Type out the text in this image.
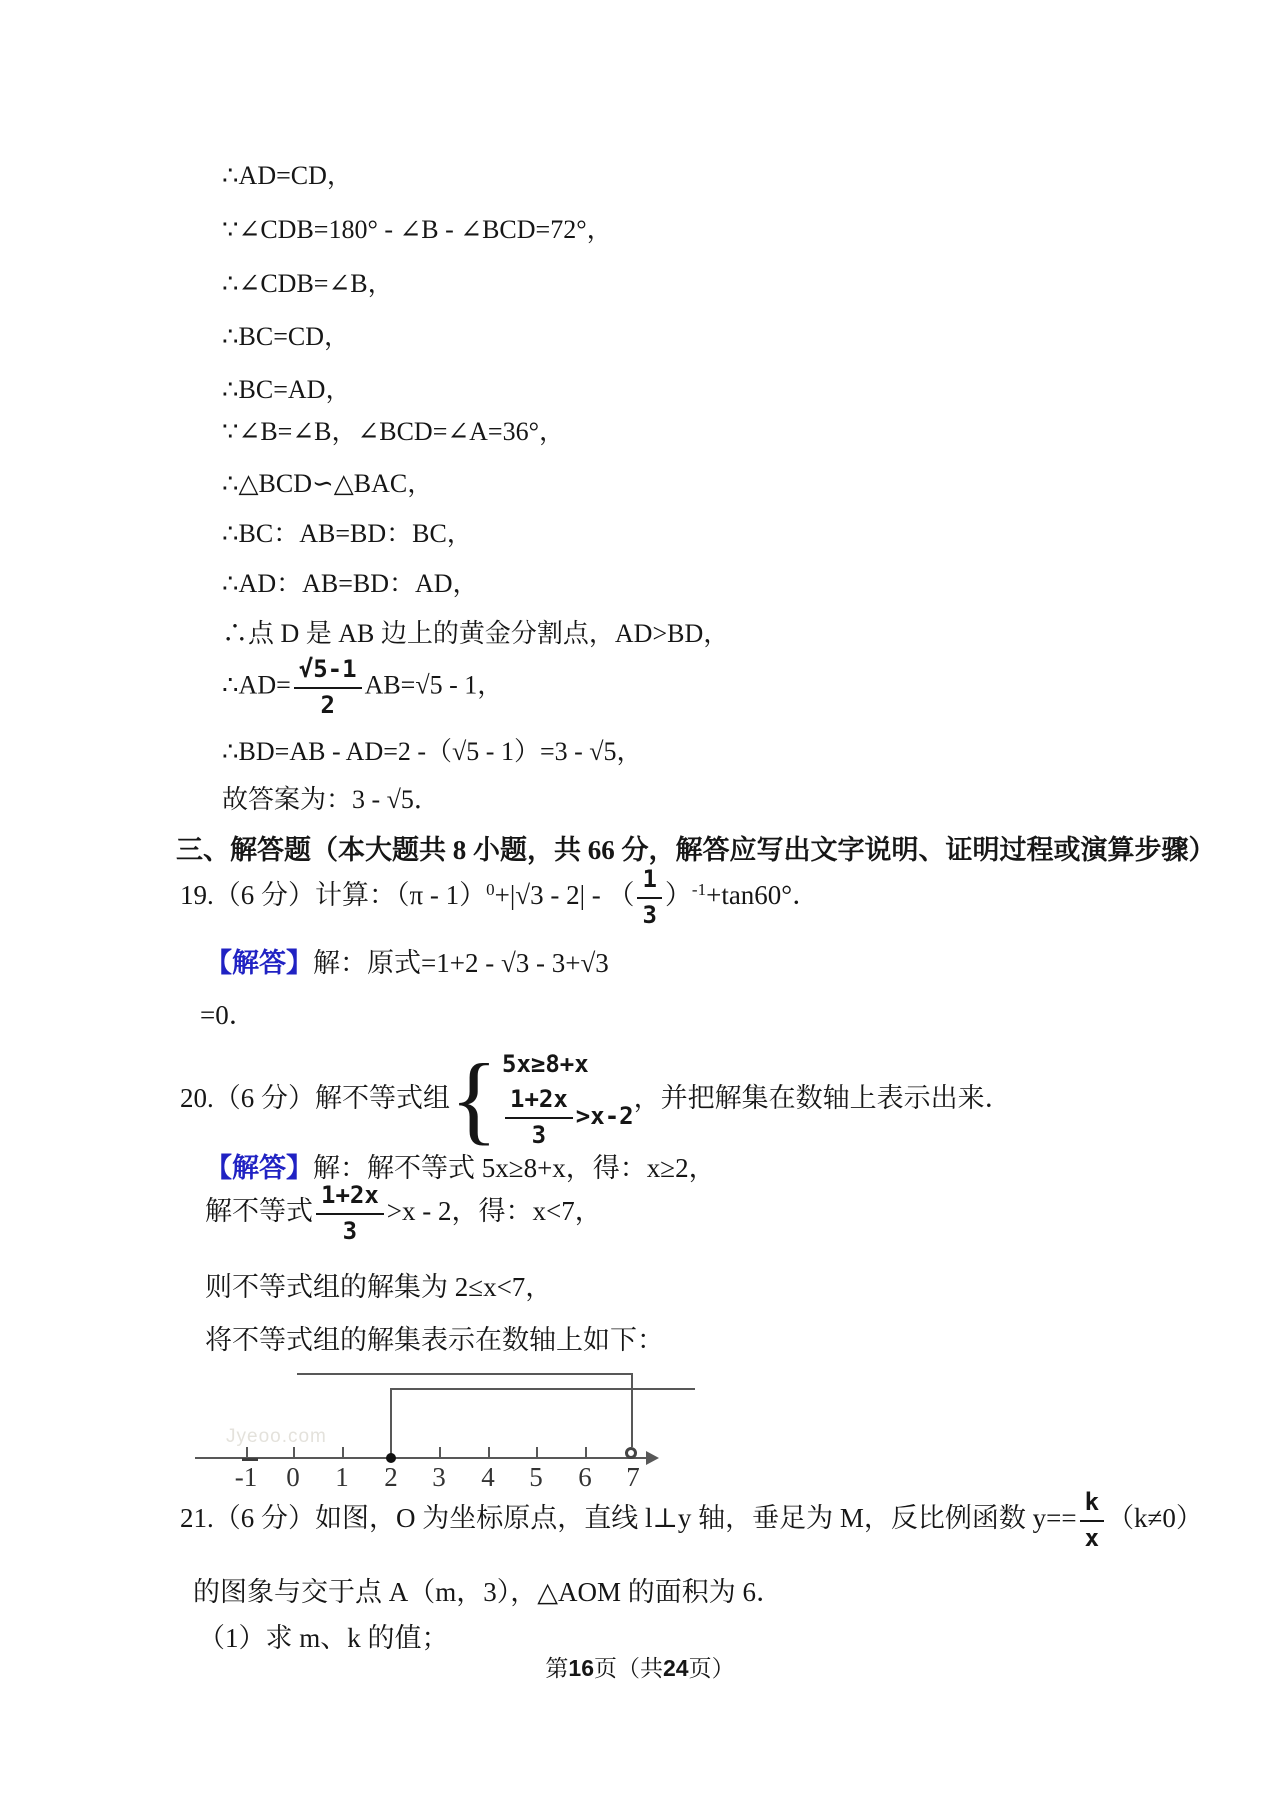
∴AD=CD，
∵∠CDB=180° - ∠B - ∠BCD=72°，
∴∠CDB=∠B，
∴BC=CD，
∴BC=AD，
∵∠B=∠B，∠BCD=∠A=36°，
∴△BCD∽△BAC，
∴BC：AB=BD：BC，
∴AD：AB=BD：AD，
∴点 D 是 AB 边上的黄金分割点，AD>BD，
∴AD= $\frac{√5-1}{2} AB=√5 - 1$，
∴BD=AB - AD=2 -（√5 - 1）=3 - √5，
故答案为：3 - √5．
三、解答题（本大题共 8 小题，共 66 分，解答应写出文字说明、证明过程或演算步骤）
19.（6 分）计算：（π - 1）$^0$+|√3 - 2| - （ $\frac{1}{3} )^{-1}+\tan 60^\circ$．
【解答】解：原式=1+2 - √3 - 3+√3
=0．
20.（6 分）解不等式组 { 5x≥8+x
$\frac{1+2x}{3} >x-2$
，并把解集在数轴上表示出来．
【解答】解：解不等式 5x≥8+x，得：x≥2，
解不等式 $\frac{1+2x}{3} >x - 2$，得：x<7，
则不等式组的解集为 2≤x<7，
将不等式组的解集表示在数轴上如下：
Jyeoo.com
-1	0	1	2	3	4	5	6	7
21.（6 分）如图，O 为坐标原点，直线 l⊥y 轴，垂足为 M，反比例函数 $y== \frac{k}{x} (k\ne 0)$
的图象与交于点 A（m，3），△AOM 的面积为 6．
（1）求 m、k 的值；
第16页（共24页）
